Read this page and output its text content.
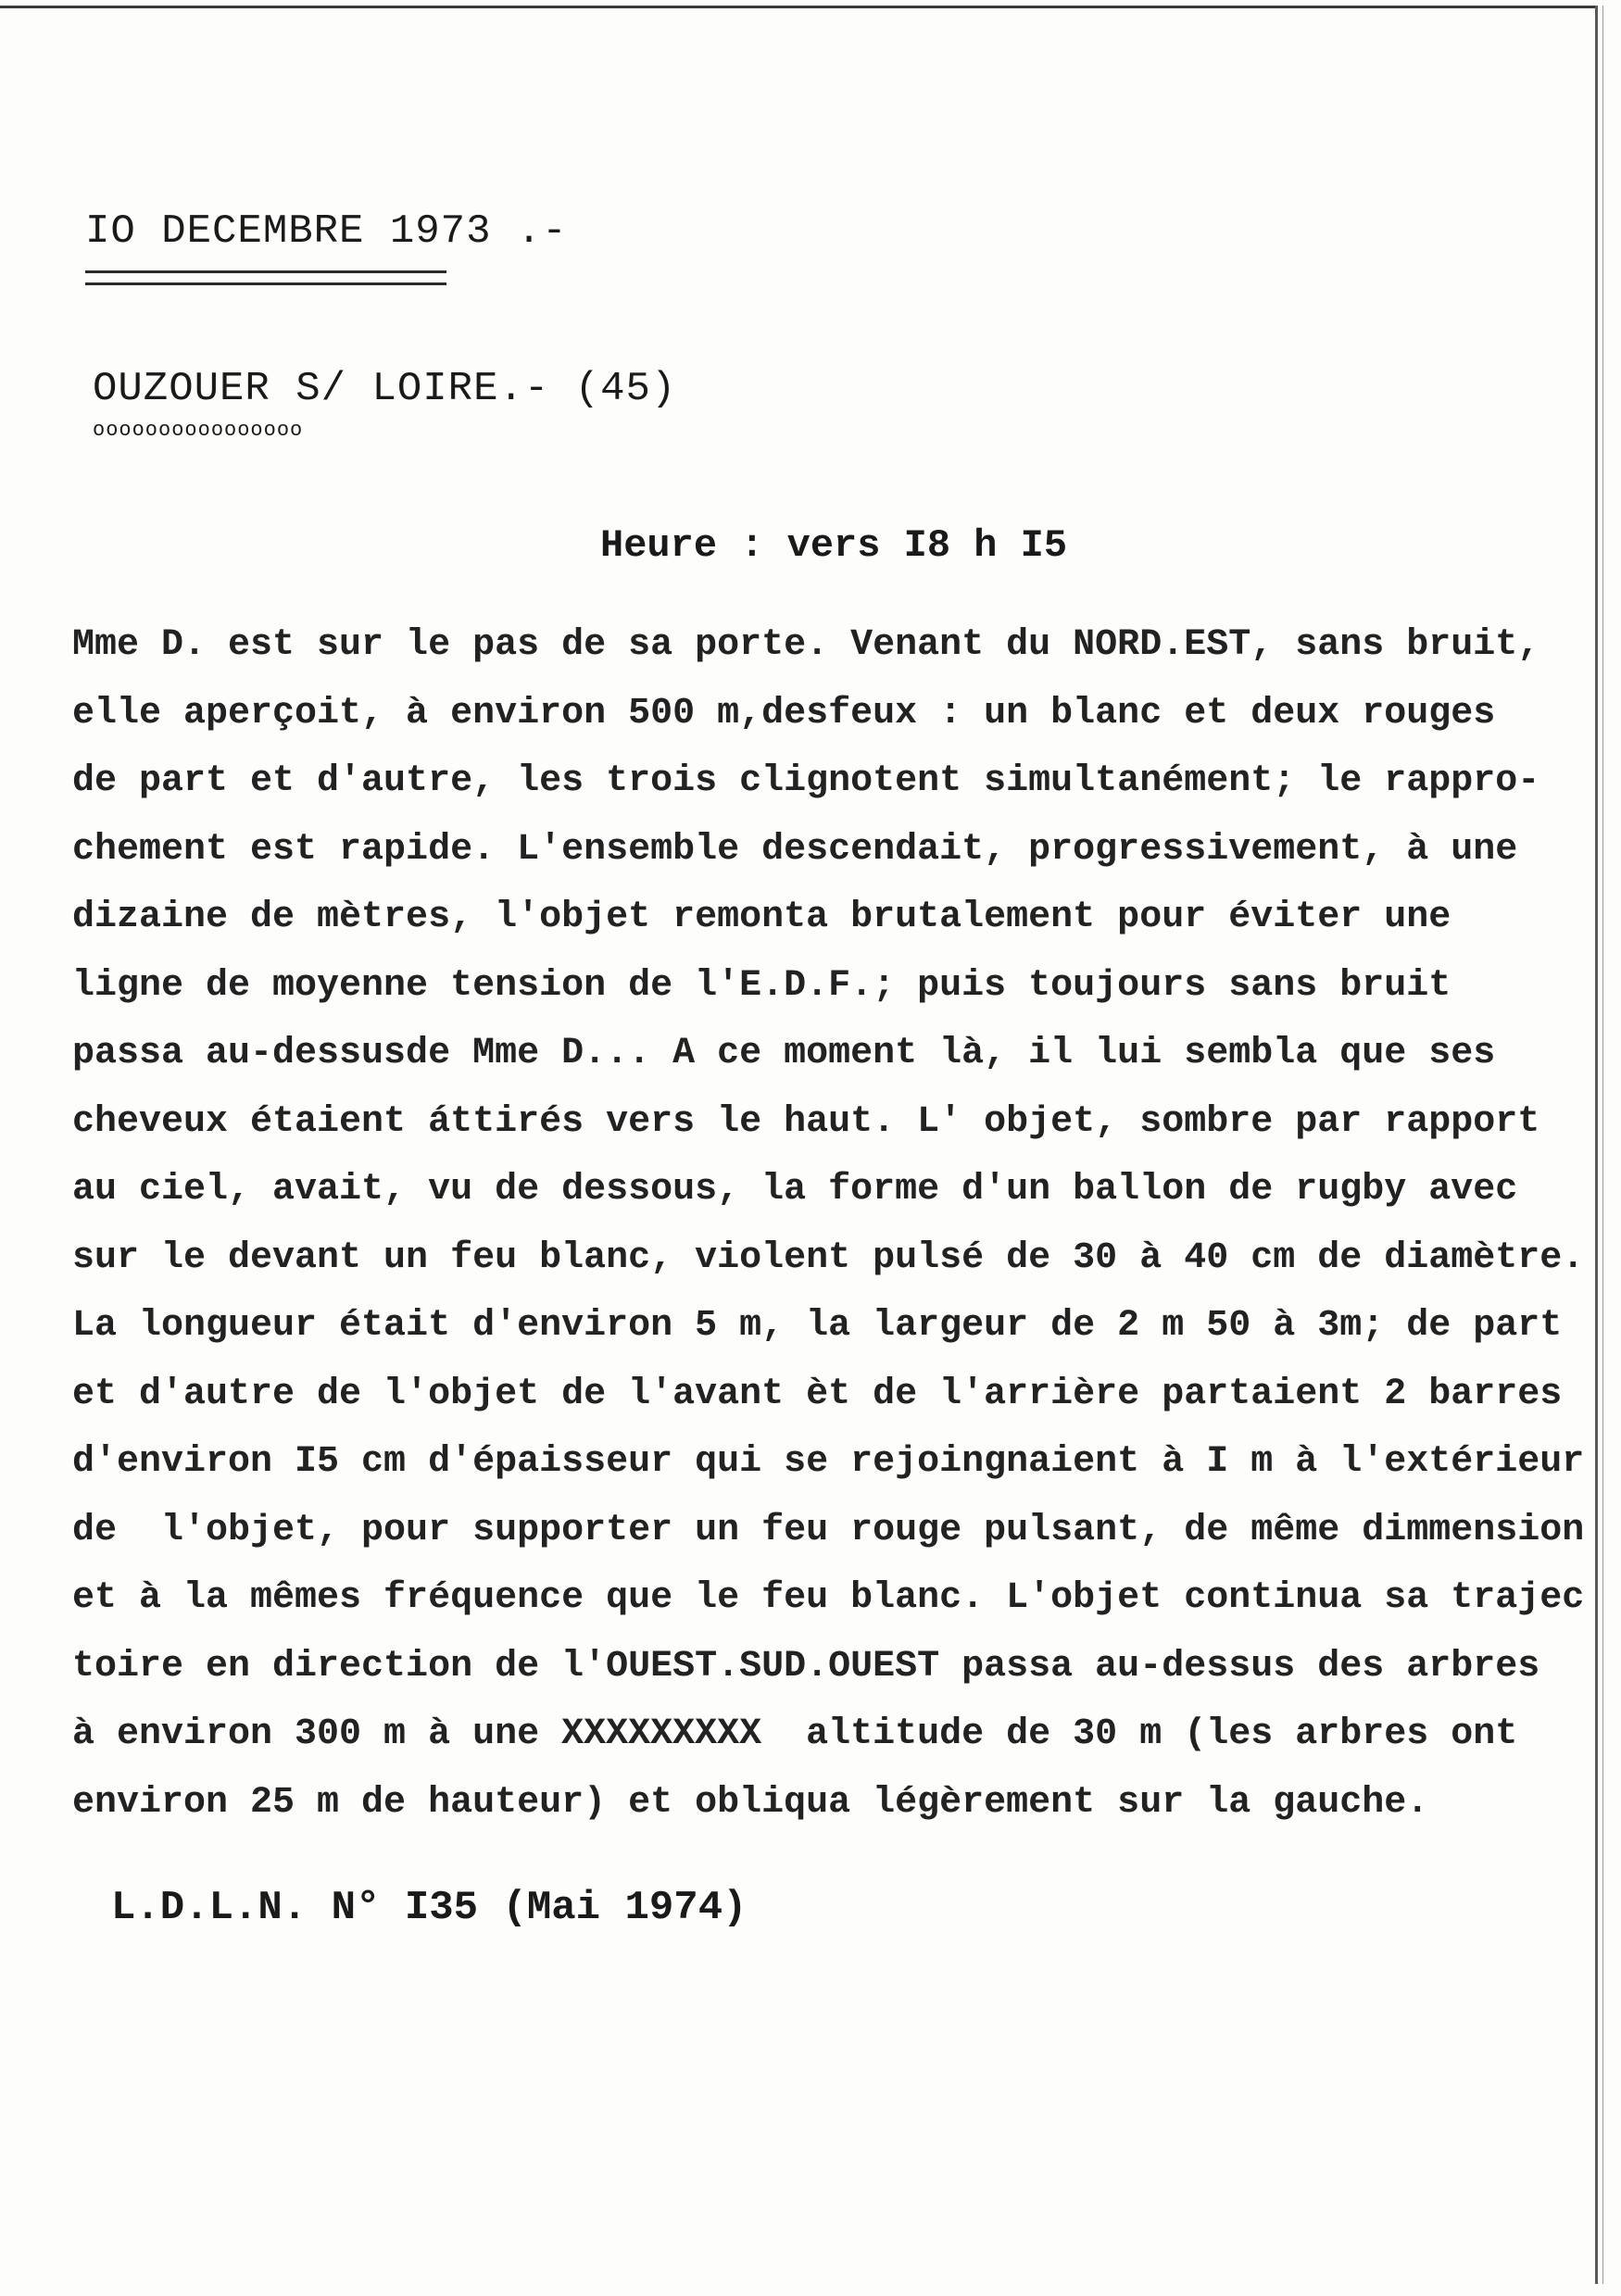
IO DECEMBRE 1973 .-
OUZOUER S/ LOIRE.- (45)
oooooooooooooooo
Heure : vers I8 h I5
Mme D. est sur le pas de sa porte. Venant du NORD.EST, sans bruit,
elle aperçoit, à environ 500 m,desfeux : un blanc et deux rouges
de part et d'autre, les trois clignotent simultanément; le rappro-
chement est rapide. L'ensemble descendait, progressivement, à une
dizaine de mètres, l'objet remonta brutalement pour éviter une
ligne de moyenne tension de l'E.D.F.; puis toujours sans bruit
passa au-dessusde Mme D... A ce moment là, il lui sembla que ses
cheveux étaient áttirés vers le haut. L' objet, sombre par rapport
au ciel, avait, vu de dessous, la forme d'un ballon de rugby avec
sur le devant un feu blanc, violent pulsé de 30 à 40 cm de diamètre.
La longueur était d'environ 5 m, la largeur de 2 m 50 à 3m; de part
et d'autre de l'objet de l'avant èt de l'arrière partaient 2 barres
d'environ I5 cm d'épaisseur qui se rejoingnaient à I m à l'extérieur
de  l'objet, pour supporter un feu rouge pulsant, de même dimmension
et à la mêmes fréquence que le feu blanc. L'objet continua sa trajec
toire en direction de l'OUEST.SUD.OUEST passa au-dessus des arbres
à environ 300 m à une XXXXXXXXX  altitude de 30 m (les arbres ont
environ 25 m de hauteur) et obliqua légèrement sur la gauche.
L.D.L.N. N° I35 (Mai 1974)
